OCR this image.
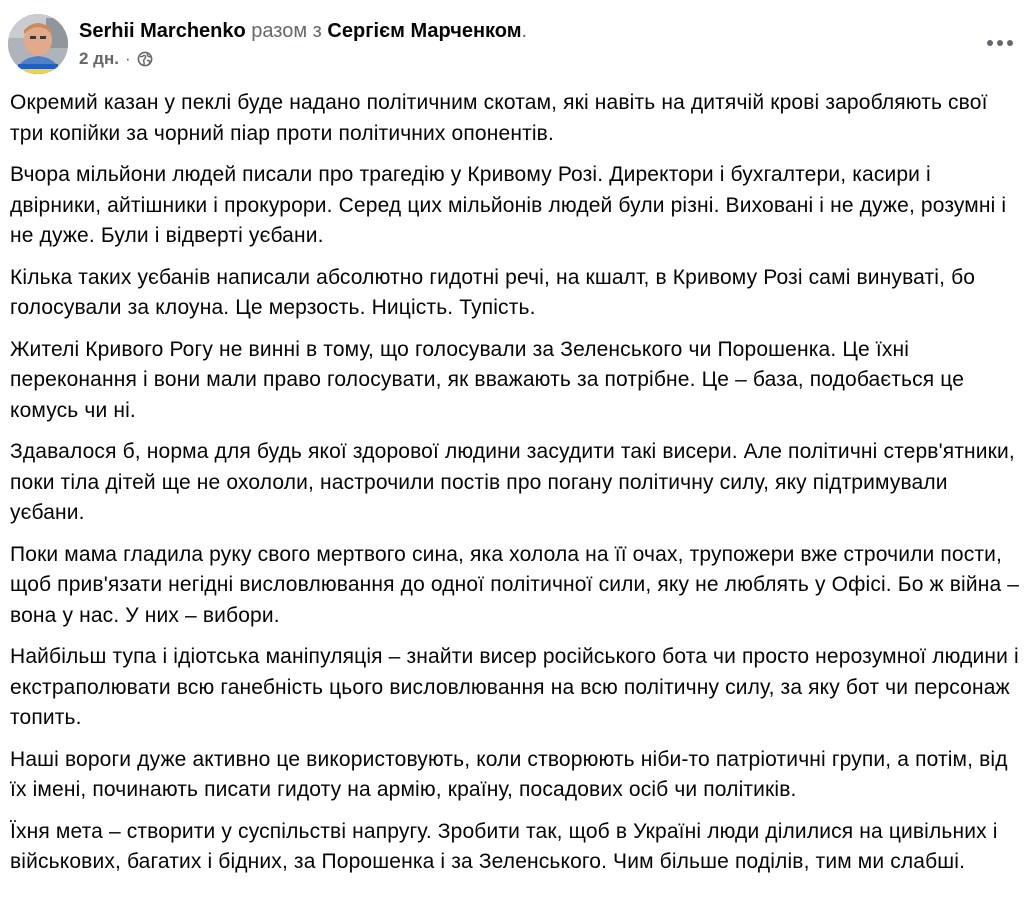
Serhii Marchenko разом з Сергієм Марченком.
2 дн. ·

Окремий казан у пеклі буде надано політичним скотам, які навіть на дитячій крові заробляють свої три копійки за чорний піар проти політичних опонентів.

Вчора мільйони людей писали про трагедію у Кривому Розі. Директори і бухгалтери, касири і двірники, айтішники і прокурори. Серед цих мільйонів людей були різні. Виховані і не дуже, розумні і не дуже. Були і відверті уєбани.

Кілька таких уєбанів написали абсолютно гидотні речі, на кшалт, в Кривому Розі самі винуваті, бо голосували за клоуна. Це мерзость. Ницість. Тупість.

Жителі Кривого Рогу не винні в тому, що голосували за Зеленського чи Порошенка. Це їхні переконання і вони мали право голосувати, як вважають за потрібне. Це – база, подобається це комусь чи ні.

Здавалося б, норма для будь якої здорової людини засудити такі висери. Але політичні стерв'ятники, поки тіла дітей ще не охололи, настрочили постів про погану політичну силу, яку підтримували уєбани.

Поки мама гладила руку свого мертвого сина, яка холола на її очах, трупожери вже строчили пости, щоб прив'язати негідні висловлювання до одної політичної сили, яку не люблять у Офісі. Бо ж війна – вона у нас. У них – вибори.

Найбільш тупа і ідіотська маніпуляція – знайти висер російського бота чи просто нерозумної людини і екстраполювати всю ганебність цього висловлювання на всю політичну силу, за яку бот чи персонаж топить.

Наші вороги дуже активно це використовують, коли створюють ніби-то патріотичні групи, а потім, від їх імені, починають писати гидоту на армію, країну, посадових осіб чи політиків.

Їхня мета – створити у суспільстві напругу. Зробити так, щоб в Україні люди ділилися на цивільних і військових, багатих і бідних, за Порошенка і за Зеленського. Чим більше поділів, тим ми слабші.
